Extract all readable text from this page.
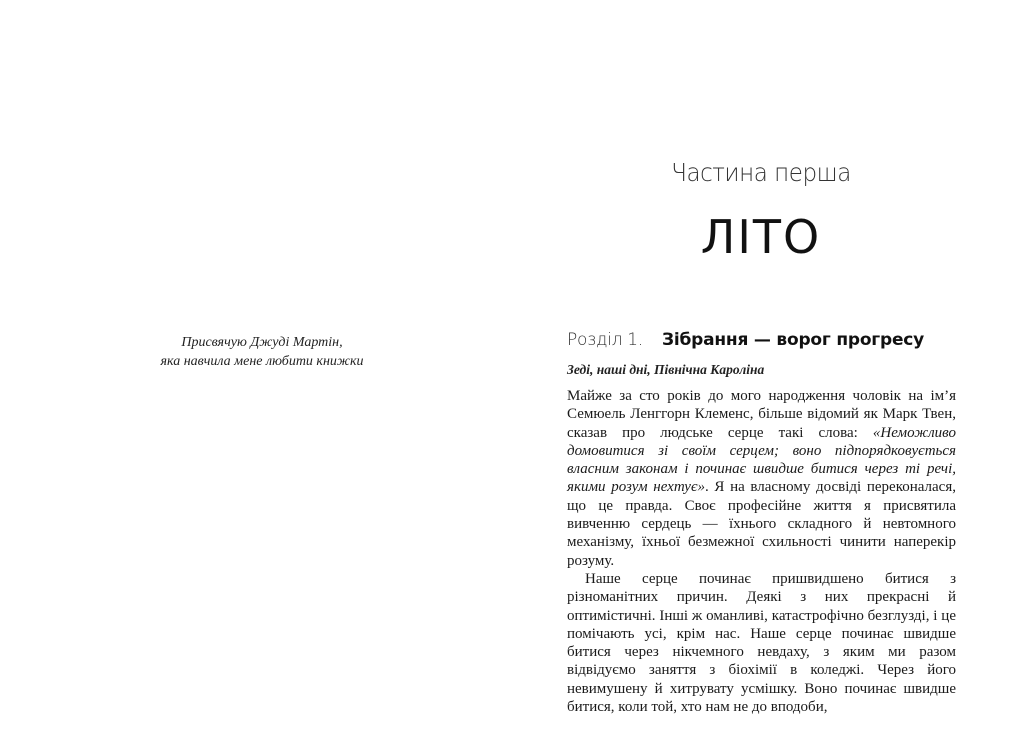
Присвячую Джуді Мартін,
яка навчила мене любити книжки
Частина перша
ЛІТО
Розділ 1. Зібрання — ворог прогресу
Зеді, наші дні, Північна Кароліна

Майже за сто років до мого народження чоловік на ім’я Семюель Ленггорн Клеменс, більше відомий як Марк Твен, сказав про людське серце такі слова: «Неможливо домовитися зі своїм серцем; воно підпорядковується власним законам і починає швидше битися через ті речі, якими розум нехтує». Я на власному досвіді переконалася, що це правда. Своє професійне життя я присвятила вивченню сердець — їхнього складного й невтомного механізму, їхньої безмежної схильності чинити наперекір розуму.

Наше серце починає пришвидшено битися з різноманітних причин. Деякі з них прекрасні й оптимістичні. Інші ж оманливі, катастрофічно безглузді, і це помічають усі, крім нас. Наше серце починає швидше битися через нікчемного невдаху, з яким ми разом відвідуємо заняття з біохімії в коледжі. Через його невимушену й хитрувату усмішку. Воно починає швидше битися, коли той, хто нам не до вподоби,
